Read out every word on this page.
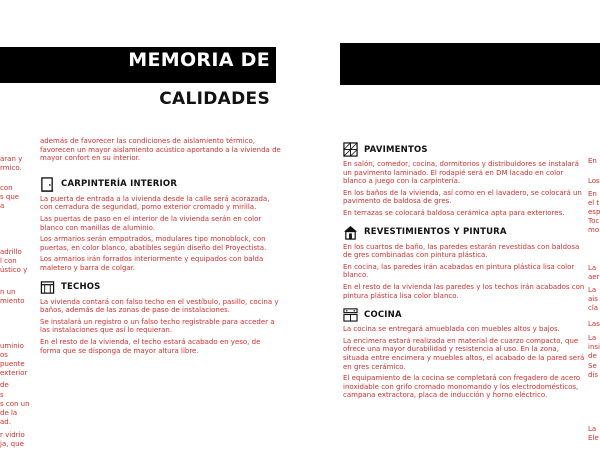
MEMORIA DE
CALIDADES
aran y
rmico.
con
s que
a
adrillo
l con
ústico y
n un
miento
uminio
os
puente
exterior
de
s
s con un
de la
ad.
r vidrio
ja, que

además de favorecer las condiciones de aislamiento térmico, favorecen un mayor aislamiento acústico aportando a la vivienda de mayor confort en su interior.

CARPINTERÍA INTERIOR

La puerta de entrada a la vivienda desde la calle será acorazada, con cerradura de seguridad, pomo exterior cromado y mirilla.

Las puertas de paso en el interior de la vivienda serán en color blanco con manillas de aluminio.

Los armarios serán empotrados, modulares tipo monoblock, con puertas, en color blanco, abatibles según diseño del Proyectista.

Los armarios irán forrados interiormente y equipados con balda maletero y barra de colgar.

TECHOS

La vivienda contará con falso techo en el vestíbulo, pasillo, cocina y baños, además de las zonas de paso de instalaciones.

Se instalará un registro o un falso techo registrable para acceder a las instalaciones que así lo requieran.

En el resto de la vivienda, el techo estará acabado en yeso, de forma que se disponga de mayor altura libre.

PAVIMENTOS

En salón, comedor, cocina, dormitorios y distribuidores se instalará un pavimento laminado. El rodapié será en DM lacado en color blanco a juego con la carpintería.

En los baños de la vivienda, así como en el lavadero, se colocará un pavimento de baldosa de gres.

En terrazas se colocará baldosa cerámica apta para exteriores.

REVESTIMIENTOS Y PINTURA

En los cuartos de baño, las paredes estarán revestidas con baldosa de gres combinadas con pintura plástica.

En cocina, las paredes irán acabadas en pintura plástica lisa color blanco.

En el resto de la vivienda las paredes y los techos irán acabados con pintura plástica lisa color blanco.

COCINA

La cocina se entregará amueblada con muebles altos y bajos.

La encimera estará realizada en material de cuarzo compacto, que ofrece una mayor durabilidad y resistencia al uso. En la zona, situada entre encimera y muebles altos, el acabado de la pared será en gres cerámico.

El equipamiento de la cocina se completará con fregadero de acero inoxidable con grifo cromado monomando y los electrodomésticos, campana extractora, placa de inducción y horno eléctrico.

En
Los
En
el t
esp
Toc
mo
La
aer
La
ais
cla
Las
La
insi
de
Se
dis
La
Ele
